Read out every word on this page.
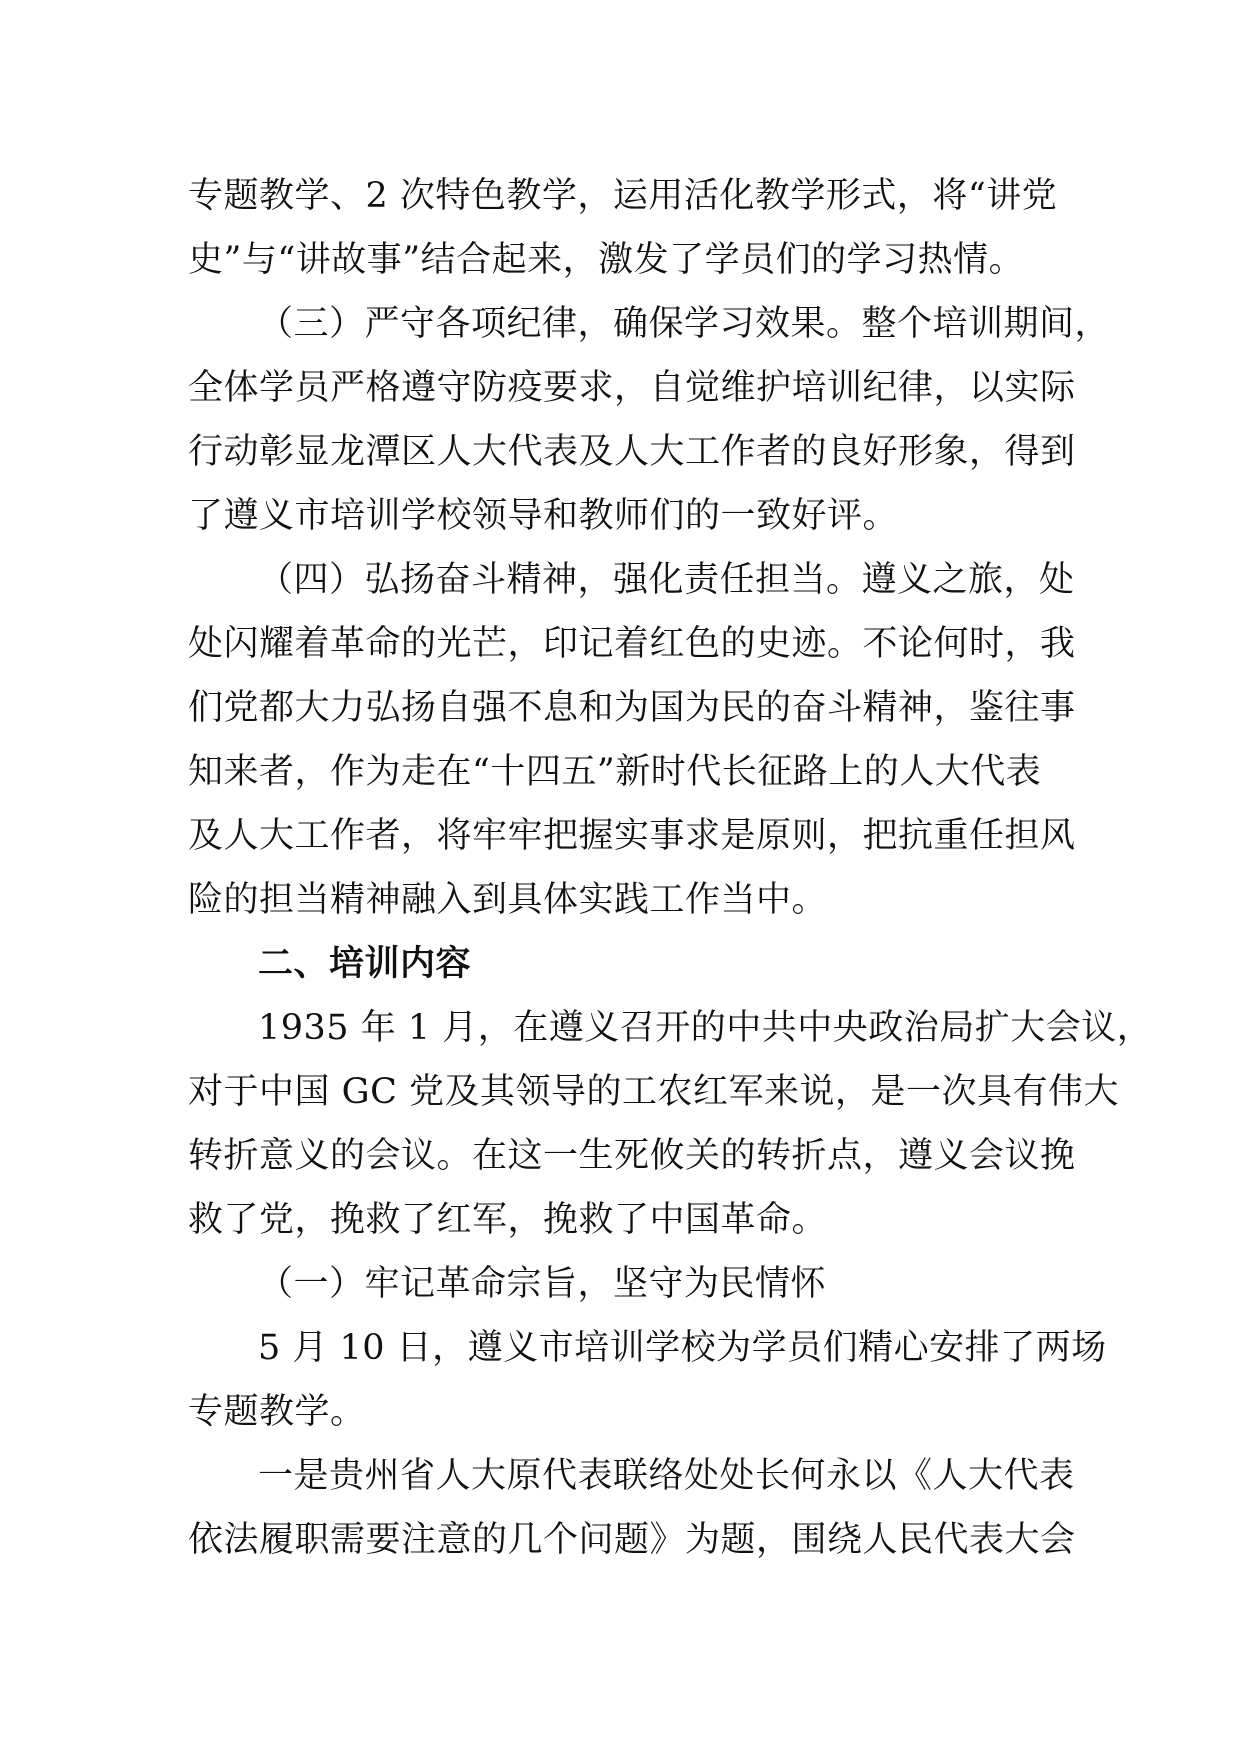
专题教学、2 次特色教学，运用活化教学形式，将“讲党
史”与“讲故事”结合起来，激发了学员们的学习热情。
（三）严守各项纪律，确保学习效果。整个培训期间，
全体学员严格遵守防疫要求，自觉维护培训纪律，以实际
行动彰显龙潭区人大代表及人大工作者的良好形象，得到
了遵义市培训学校领导和教师们的一致好评。
（四）弘扬奋斗精神，强化责任担当。遵义之旅，处
处闪耀着革命的光芒，印记着红色的史迹。不论何时，我
们党都大力弘扬自强不息和为国为民的奋斗精神，鉴往事
知来者，作为走在“十四五”新时代长征路上的人大代表
及人大工作者，将牢牢把握实事求是原则，把抗重任担风
险的担当精神融入到具体实践工作当中。
二、培训内容
1935 年 1 月，在遵义召开的中共中央政治局扩大会议，
对于中国 GC 党及其领导的工农红军来说，是一次具有伟大
转折意义的会议。在这一生死攸关的转折点，遵义会议挽
救了党，挽救了红军，挽救了中国革命。
（一）牢记革命宗旨，坚守为民情怀
5 月 10 日，遵义市培训学校为学员们精心安排了两场
专题教学。
一是贵州省人大原代表联络处处长何永以《人大代表
依法履职需要注意的几个问题》为题，围绕人民代表大会
